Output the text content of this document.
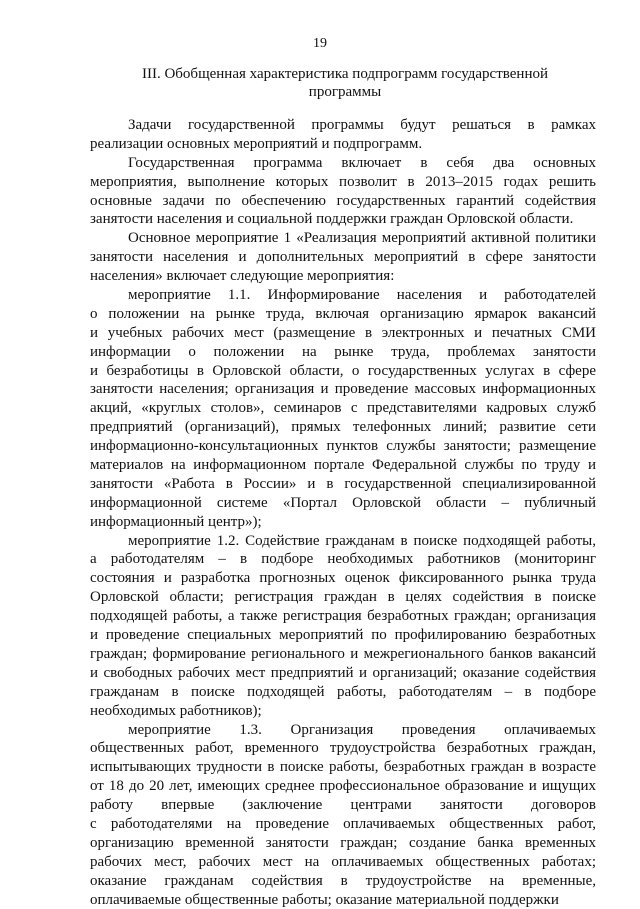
19
III. Обобщенная характеристика подпрограмм государственной
программы
Задачи государственной программы будут решаться в рамках
реализации основных мероприятий и подпрограмм.
Государственная программа включает в себя два основных
мероприятия, выполнение которых позволит в 2013–2015 годах решить
основные задачи по обеспечению государственных гарантий содействия
занятости населения и социальной поддержки граждан Орловской области.
Основное мероприятие 1 «Реализация мероприятий активной политики
занятости населения и дополнительных мероприятий в сфере занятости
населения» включает следующие мероприятия:
мероприятие 1.1. Информирование населения и работодателей
о положении на рынке труда, включая организацию ярмарок вакансий
и учебных рабочих мест (размещение в электронных и печатных СМИ
информации о положении на рынке труда, проблемах занятости
и безработицы в Орловской области, о государственных услугах в сфере
занятости населения; организация и проведение массовых информационных
акций, «круглых столов», семинаров с представителями кадровых служб
предприятий (организаций), прямых телефонных линий; развитие сети
информационно-консультационных пунктов службы занятости; размещение
материалов на информационном портале Федеральной службы по труду и
занятости «Работа в России» и в государственной специализированной
информационной системе «Портал Орловской области – публичный
информационный центр»);
мероприятие 1.2. Содействие гражданам в поиске подходящей работы,
а работодателям – в подборе необходимых работников (мониторинг
состояния и разработка прогнозных оценок фиксированного рынка труда
Орловской области; регистрация граждан в целях содействия в поиске
подходящей работы, а также регистрация безработных граждан; организация
и проведение специальных мероприятий по профилированию безработных
граждан; формирование регионального и межрегионального банков вакансий
и свободных рабочих мест предприятий и организаций; оказание содействия
гражданам в поиске подходящей работы, работодателям – в подборе
необходимых работников);
мероприятие 1.3. Организация проведения оплачиваемых
общественных работ, временного трудоустройства безработных граждан,
испытывающих трудности в поиске работы, безработных граждан в возрасте
от 18 до 20 лет, имеющих среднее профессиональное образование и ищущих
работу впервые (заключение центрами занятости договоров
с работодателями на проведение оплачиваемых общественных работ,
организацию временной занятости граждан; создание банка временных
рабочих мест, рабочих мест на оплачиваемых общественных работах;
оказание гражданам содействия в трудоустройстве на временные,
оплачиваемые общественные работы; оказание материальной поддержки
